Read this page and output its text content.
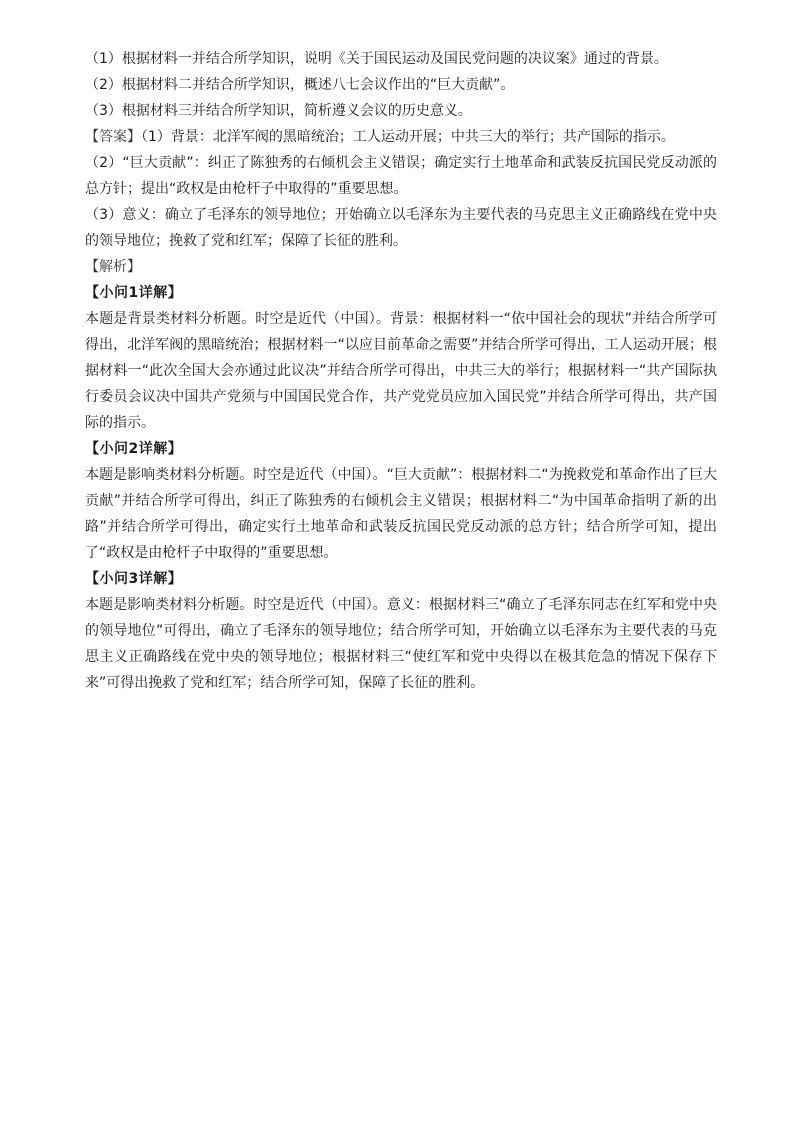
（1）根据材料一并结合所学知识，说明《关于国民运动及国民党问题的决议案》通过的背景。

（2）根据材料二并结合所学知识，概述八七会议作出的“巨大贡献”。

（3）根据材料三并结合所学知识，简析遵义会议的历史意义。

【答案】（1）背景：北洋军阀的黑暗统治；工人运动开展；中共三大的举行；共产国际的指示。

（2）“巨大贡献”：纠正了陈独秀的右倾机会主义错误；确定实行土地革命和武装反抗国民党反动派的总方针；提出“政权是由枪杆子中取得的”重要思想。

（3）意义：确立了毛泽东的领导地位；开始确立以毛泽东为主要代表的马克思主义正确路线在党中央的领导地位；挽救了党和红军；保障了长征的胜利。

【解析】

【小问1详解】

本题是背景类材料分析题。时空是近代（中国）。背景：根据材料一“依中国社会的现状”并结合所学可得出，北洋军阀的黑暗统治；根据材料一“以应目前革命之需要”并结合所学可得出，工人运动开展；根据材料一“此次全国大会亦通过此议决”并结合所学可得出，中共三大的举行；根据材料一“共产国际执行委员会议决中国共产党须与中国国民党合作，共产党党员应加入国民党”并结合所学可得出，共产国际的指示。

【小问2详解】

本题是影响类材料分析题。时空是近代（中国）。“巨大贡献”：根据材料二“为挽救党和革命作出了巨大贡献”并结合所学可得出，纠正了陈独秀的右倾机会主义错误；根据材料二“为中国革命指明了新的出路”并结合所学可得出，确定实行土地革命和武装反抗国民党反动派的总方针；结合所学可知，提出了“政权是由枪杆子中取得的”重要思想。

【小问3详解】

本题是影响类材料分析题。时空是近代（中国）。意义：根据材料三“确立了毛泽东同志在红军和党中央的领导地位”可得出，确立了毛泽东的领导地位；结合所学可知，开始确立以毛泽东为主要代表的马克思主义正确路线在党中央的领导地位；根据材料三“使红军和党中央得以在极其危急的情况下保存下来”可得出挽救了党和红军；结合所学可知，保障了长征的胜利。
